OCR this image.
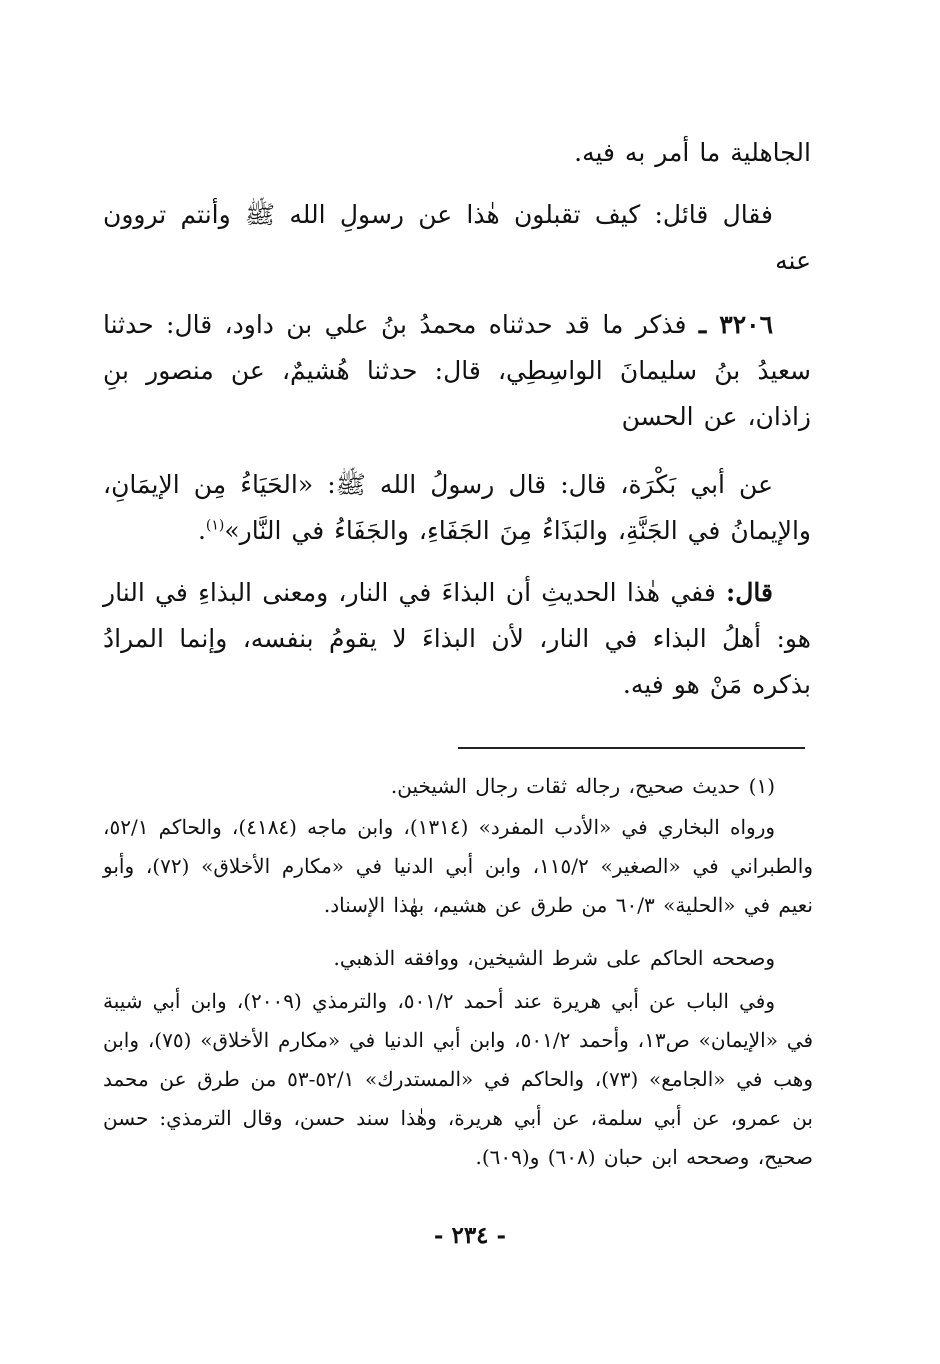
الجاهلية ما أمر به فيه.
فقال قائل: كيف تقبلون هٰذا عن رسولِ الله ﷺ وأنتم تروون عنه
٣٢٠٦ ـ فذكر ما قد حدثناه محمدُ بنُ علي بن داود، قال: حدثنا سعيدُ بنُ سليمانَ الواسِطِي، قال: حدثنا هُشيمٌ، عن منصور بنِ زاذان، عن الحسن
عن أبي بَكْرَة، قال: قال رسولُ الله ﷺ: «الحَيَاءُ مِن الإيمَانِ، والإيمانُ في الجَنَّةِ، والبَذَاءُ مِنَ الجَفَاءِ، والجَفَاءُ في النَّار»$^{(١)}$.
قال: ففي هٰذا الحديثِ أن البذاءَ في النار، ومعنى البذاءِ في النار هو: أهلُ البذاء في النار، لأن البذاءَ لا يقومُ بنفسه، وإنما المرادُ بذكره مَنْ هو فيه.
(١) حديث صحيح، رجاله ثقات رجال الشيخين.
ورواه البخاري في «الأدب المفرد» (١٣١٤)، وابن ماجه (٤١٨٤)، والحاكم ٥٢/١، والطبراني في «الصغير» ١١٥/٢، وابن أبي الدنيا في «مكارم الأخلاق» (٧٢)، وأبو نعيم في «الحلية» ٦٠/٣ من طرق عن هشيم، بهٰذا الإسناد.
وصححه الحاكم على شرط الشيخين، ووافقه الذهبي.
وفي الباب عن أبي هريرة عند أحمد ٥٠١/٢، والترمذي (٢٠٠٩)، وابن أبي شيبة في «الإيمان» ص١٣، وأحمد ٥٠١/٢، وابن أبي الدنيا في «مكارم الأخلاق» (٧٥)، وابن وهب في «الجامع» (٧٣)، والحاكم في «المستدرك» ٥٢/١-٥٣ من طرق عن محمد بن عمرو، عن أبي سلمة، عن أبي هريرة، وهٰذا سند حسن، وقال الترمذي: حسن صحيح، وصححه ابن حبان (٦٠٨) و(٦٠٩).
- ٢٣٤ -
